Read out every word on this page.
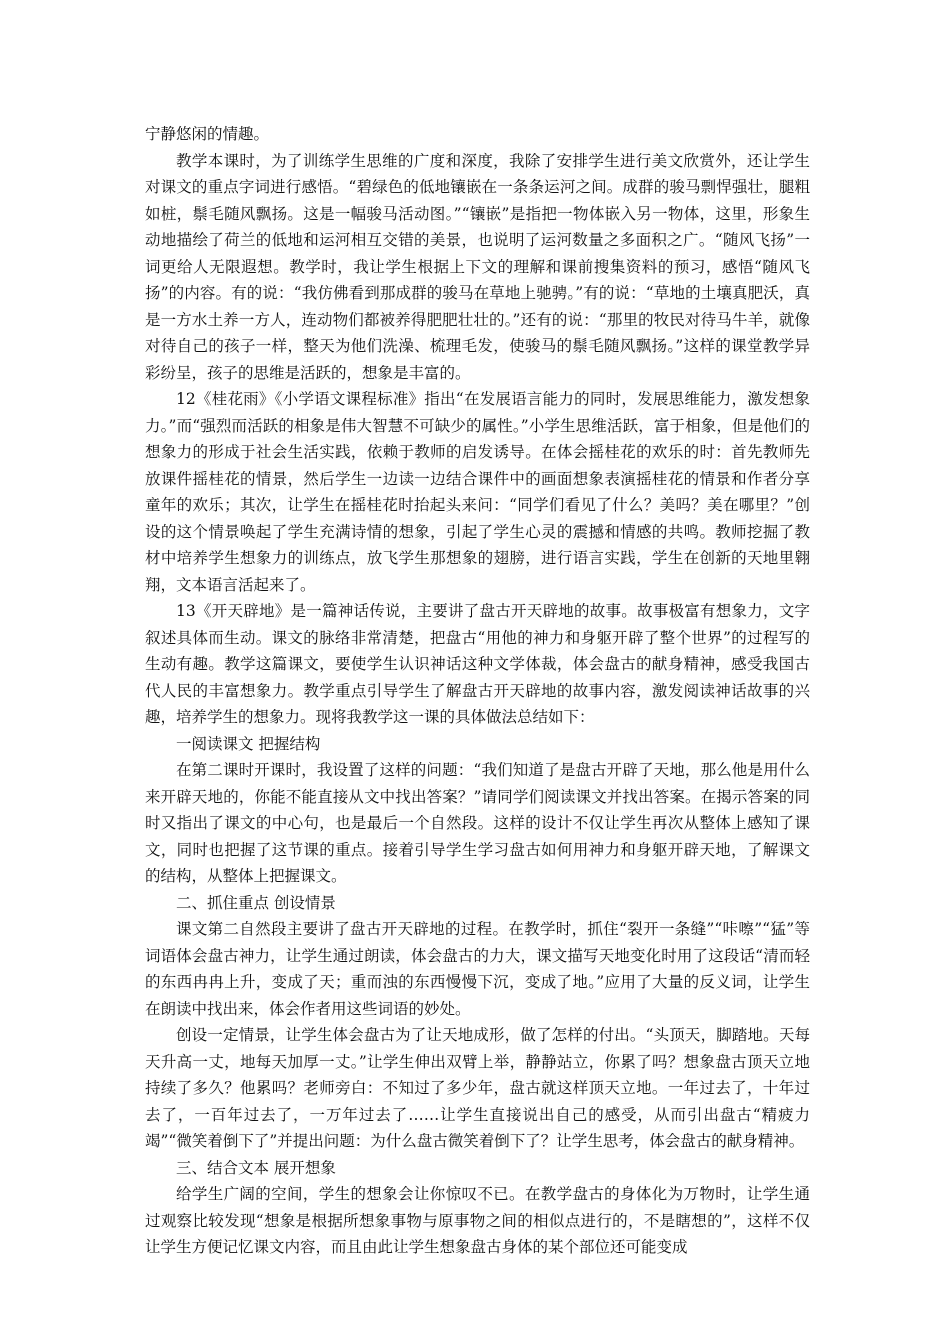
宁静悠闲的情趣。

教学本课时，为了训练学生思维的广度和深度，我除了安排学生进行美文欣赏外，还让学生对课文的重点字词进行感悟。“碧绿色的低地镶嵌在一条条运河之间。成群的骏马剽悍强壮，腿粗如桩，鬃毛随风飘扬。这是一幅骏马活动图。”“镶嵌”是指把一物体嵌入另一物体，这里，形象生动地描绘了荷兰的低地和运河相互交错的美景，也说明了运河数量之多面积之广。“随风飞扬”一词更给人无限遐想。教学时，我让学生根据上下文的理解和课前搜集资料的预习，感悟“随风飞扬”的内容。有的说：“我仿佛看到那成群的骏马在草地上驰骋。”有的说：“草地的土壤真肥沃，真是一方水土养一方人，连动物们都被养得肥肥壮壮的。”还有的说：“那里的牧民对待马牛羊，就像对待自己的孩子一样，整天为他们洗澡、梳理毛发，使骏马的鬃毛随风飘扬。”这样的课堂教学异彩纷呈，孩子的思维是活跃的，想象是丰富的。

12《桂花雨》《小学语文课程标准》指出“在发展语言能力的同时，发展思维能力，激发想象力。”而“强烈而活跃的相象是伟大智慧不可缺少的属性。”小学生思维活跃，富于相象，但是他们的想象力的形成于社会生活实践，依赖于教师的启发诱导。在体会摇桂花的欢乐的时：首先教师先放课件摇桂花的情景，然后学生一边读一边结合课件中的画面想象表演摇桂花的情景和作者分享童年的欢乐；其次，让学生在摇桂花时抬起头来问：“同学们看见了什么？美吗？美在哪里？”创设的这个情景唤起了学生充满诗情的想象，引起了学生心灵的震撼和情感的共鸣。教师挖掘了教材中培养学生想象力的训练点，放飞学生那想象的翅膀，进行语言实践，学生在创新的天地里翱翔，文本语言活起来了。

13《开天辟地》是一篇神话传说，主要讲了盘古开天辟地的故事。故事极富有想象力，文字叙述具体而生动。课文的脉络非常清楚，把盘古“用他的神力和身躯开辟了整个世界”的过程写的生动有趣。教学这篇课文，要使学生认识神话这种文学体裁，体会盘古的献身精神，感受我国古代人民的丰富想象力。教学重点引导学生了解盘古开天辟地的故事内容，激发阅读神话故事的兴趣，培养学生的想象力。现将我教学这一课的具体做法总结如下：

一阅读课文 把握结构

在第二课时开课时，我设置了这样的问题：“我们知道了是盘古开辟了天地，那么他是用什么来开辟天地的，你能不能直接从文中找出答案？”请同学们阅读课文并找出答案。在揭示答案的同时又指出了课文的中心句，也是最后一个自然段。这样的设计不仅让学生再次从整体上感知了课文，同时也把握了这节课的重点。接着引导学生学习盘古如何用神力和身躯开辟天地，了解课文的结构，从整体上把握课文。

二、抓住重点 创设情景

课文第二自然段主要讲了盘古开天辟地的过程。在教学时，抓住“裂开一条缝”“咔嚓”“猛”等词语体会盘古神力，让学生通过朗读，体会盘古的力大，课文描写天地变化时用了这段话“清而轻的东西冉冉上升，变成了天；重而浊的东西慢慢下沉，变成了地。”应用了大量的反义词，让学生在朗读中找出来，体会作者用这些词语的妙处。

创设一定情景，让学生体会盘古为了让天地成形，做了怎样的付出。“头顶天，脚踏地。天每天升高一丈，地每天加厚一丈。”让学生伸出双臂上举，静静站立，你累了吗？想象盘古顶天立地持续了多久？他累吗？老师旁白：不知过了多少年，盘古就这样顶天立地。一年过去了，十年过去了，一百年过去了，一万年过去了……让学生直接说出自己的感受，从而引出盘古“精疲力竭”“微笑着倒下了”并提出问题：为什么盘古微笑着倒下了？让学生思考，体会盘古的献身精神。

三、结合文本 展开想象

给学生广阔的空间，学生的想象会让你惊叹不已。在教学盘古的身体化为万物时，让学生通过观察比较发现“想象是根据所想象事物与原事物之间的相似点进行的，不是瞎想的”，这样不仅让学生方便记忆课文内容，而且由此让学生想象盘古身体的某个部位还可能变成
